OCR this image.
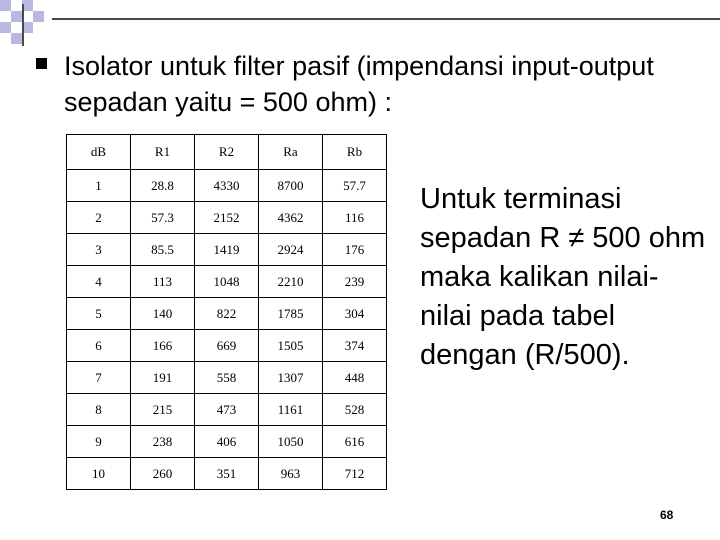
Isolator untuk filter pasif (impendansi input-output sepadan yaitu = 500 ohm) :
dB	R1	R2	Ra	Rb
1	28.8	4330	8700	57.7
2	57.3	2152	4362	116
3	85.5	1419	2924	176
4	113	1048	2210	239
5	140	822	1785	304
6	166	669	1505	374
7	191	558	1307	448
8	215	473	1161	528
9	238	406	1050	616
10	260	351	963	712
Untuk terminasi sepadan R ≠ 500 ohm maka kalikan nilai-nilai pada tabel dengan (R/500).
68
